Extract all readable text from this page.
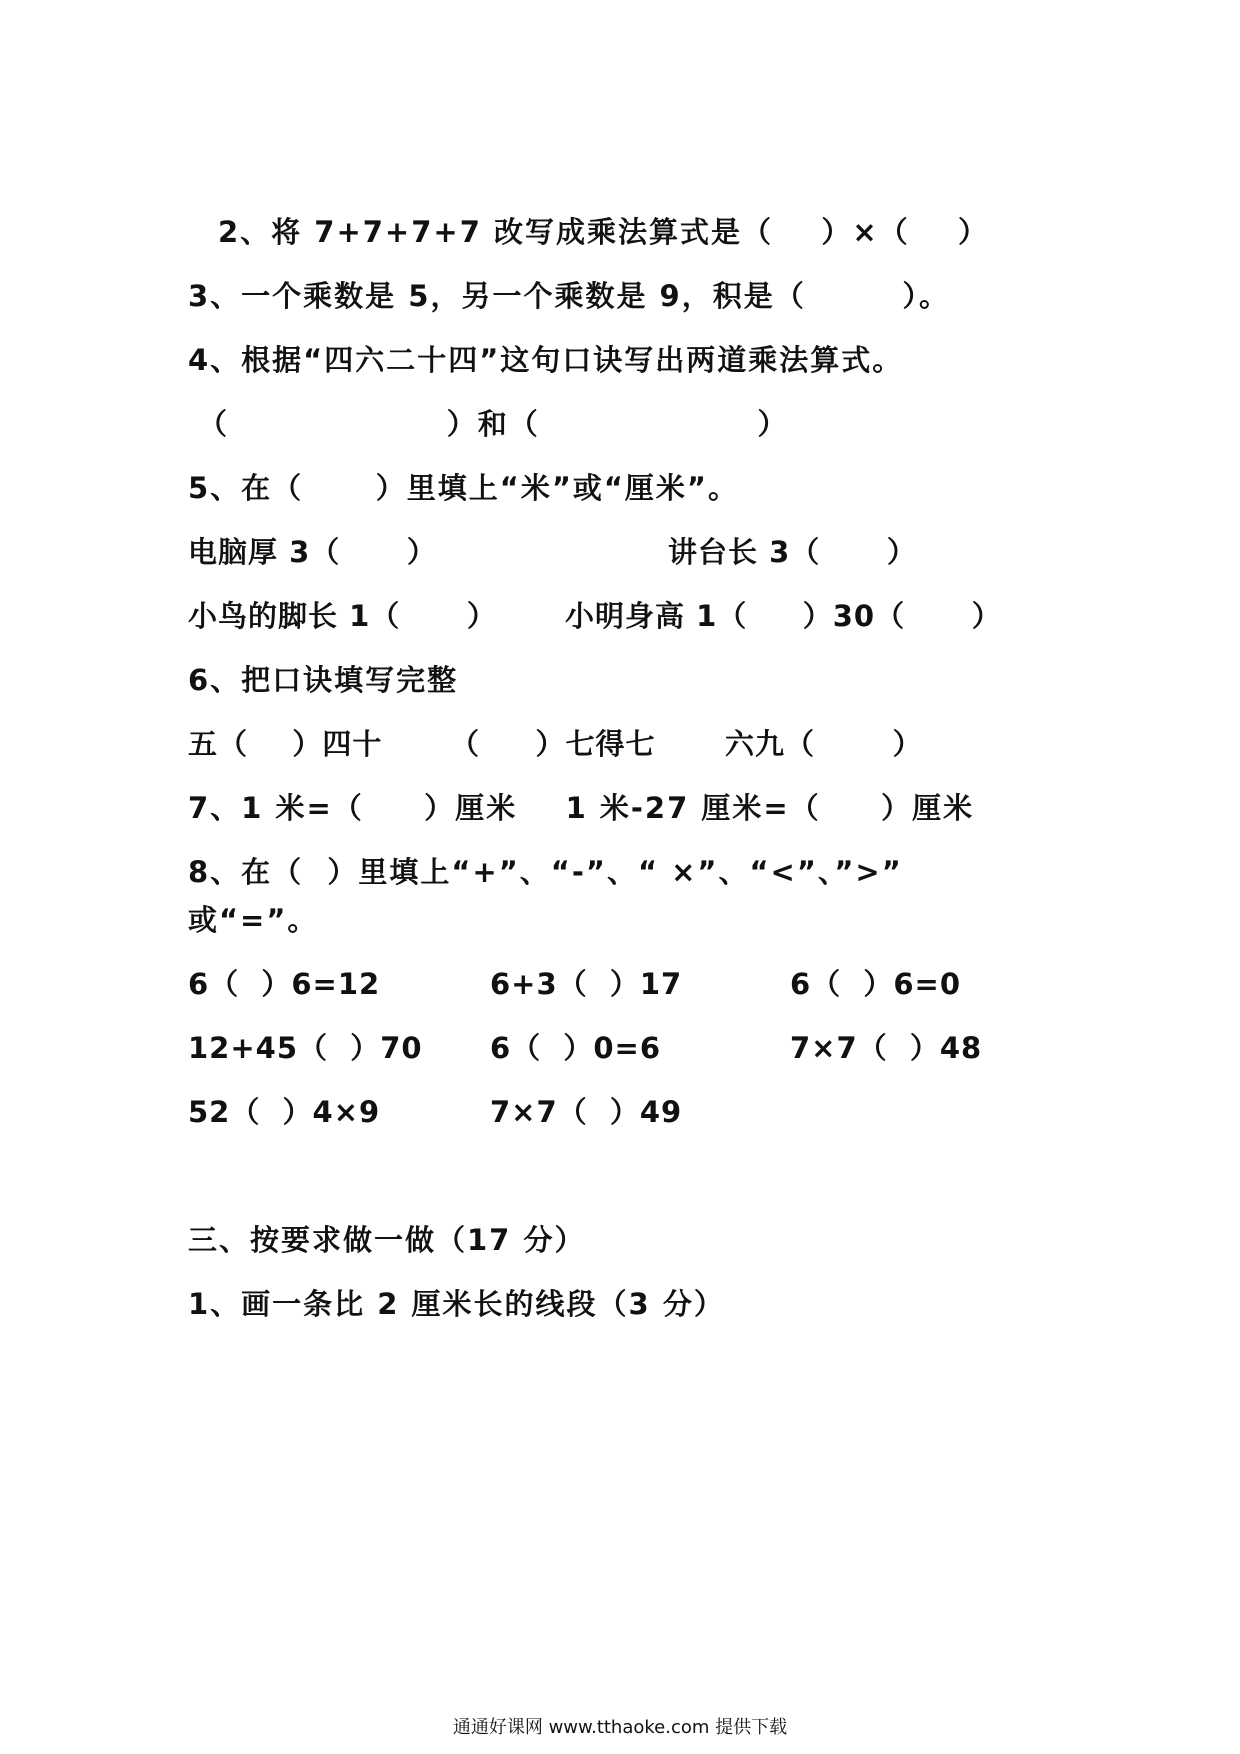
2、将 7+7+7+7 改写成乘法算式是（    ）×（    ）
3、一个乘数是 5，另一个乘数是 9，积是（        ）。
4、根据“四六二十四”这句口诀写出两道乘法算式。
（                  ）和（                  ）
5、在（      ）里填上“米”或“厘米”。
电脑厚 3（      ）	讲台长 3（      ）
小鸟的脚长 1（      ） 小明身高 1（     ）30（      ）
6、把口诀填写完整
五（    ）四十 （     ）七得七 六九（       ）
7、1 米=（     ）厘米    1 米-27 厘米=（     ）厘米
8、在（  ）里填上“+”、“-”、“ ×”、“<”、”>”
或“=”。
6（  ）6=12	6+3（  ）17	6（  ）6=0
12+45（  ）70 6（  ）0=6	7×7（  ）48
52（  ）4×9	7×7（  ）49
三、按要求做一做（17 分）
1、画一条比 2 厘米长的线段（3 分）
通通好课网 www.tthaoke.com 提供下载
